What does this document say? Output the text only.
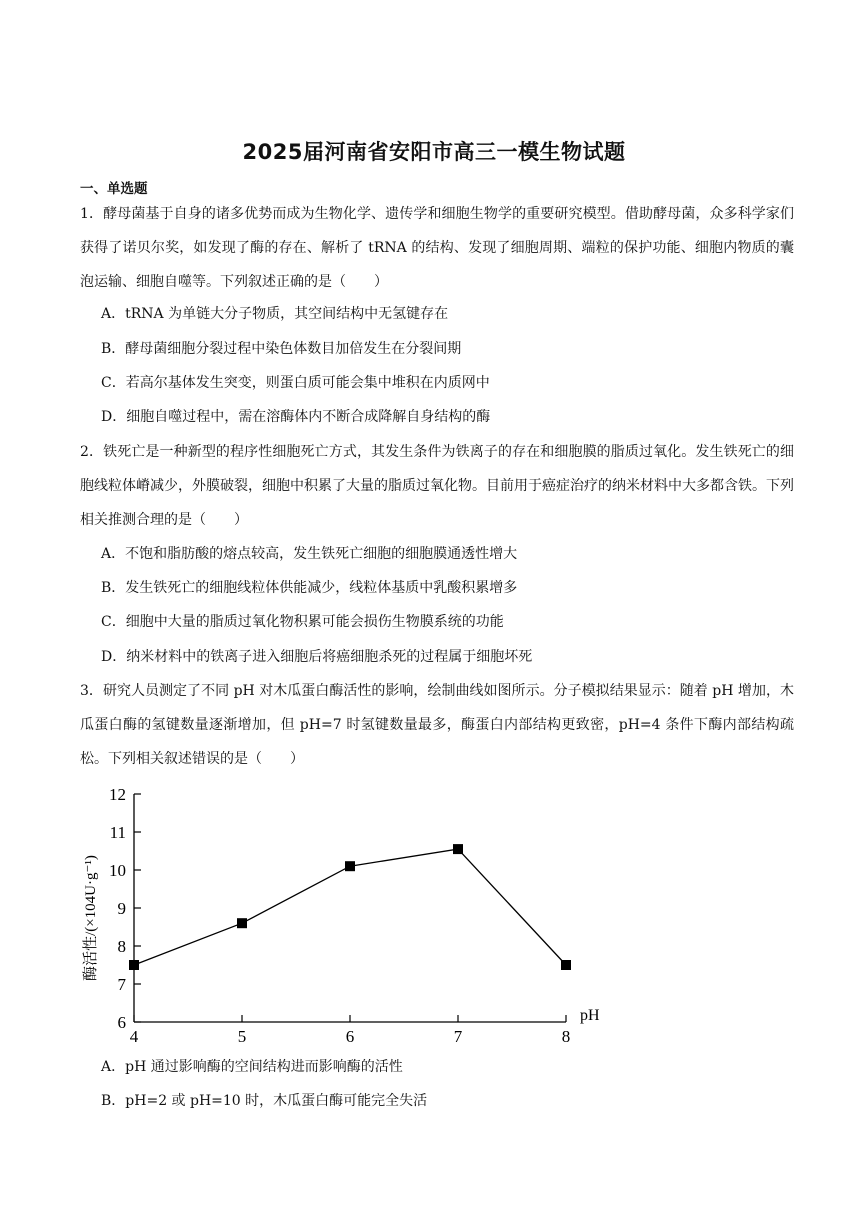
2025届河南省安阳市高三一模生物试题
一、单选题
1．酵母菌基于自身的诸多优势而成为生物化学、遗传学和细胞生物学的重要研究模型。借助酵母菌，众多科学家们获得了诺贝尔奖，如发现了酶的存在、解析了 tRNA 的结构、发现了细胞周期、端粒的保护功能、细胞内物质的囊泡运输、细胞自噬等。下列叙述正确的是（　　）
A．tRNA 为单链大分子物质，其空间结构中无氢键存在
B．酵母菌细胞分裂过程中染色体数目加倍发生在分裂间期
C．若高尔基体发生突变，则蛋白质可能会集中堆积在内质网中
D．细胞自噬过程中，需在溶酶体内不断合成降解自身结构的酶
2．铁死亡是一种新型的程序性细胞死亡方式，其发生条件为铁离子的存在和细胞膜的脂质过氧化。发生铁死亡的细胞线粒体嵴减少，外膜破裂，细胞中积累了大量的脂质过氧化物。目前用于癌症治疗的纳米材料中大多都含铁。下列相关推测合理的是（　　）
A．不饱和脂肪酸的熔点较高，发生铁死亡细胞的细胞膜通透性增大
B．发生铁死亡的细胞线粒体供能减少，线粒体基质中乳酸积累增多
C．细胞中大量的脂质过氧化物积累可能会损伤生物膜系统的功能
D．纳米材料中的铁离子进入细胞后将癌细胞杀死的过程属于细胞坏死
3．研究人员测定了不同 pH 对木瓜蛋白酶活性的影响，绘制曲线如图所示。分子模拟结果显示：随着 pH 增加，木瓜蛋白酶的氢键数量逐渐增加，但 pH=7 时氢键数量最多，酶蛋白内部结构更致密，pH=4 条件下酶内部结构疏松。下列相关叙述错误的是（　　）
6
7
8
9
10
11
12
4	5	6	7	8
pH
酶活性/(×104U·g⁻¹)
A．pH 通过影响酶的空间结构进而影响酶的活性
B．pH=2 或 pH=10 时，木瓜蛋白酶可能完全失活
